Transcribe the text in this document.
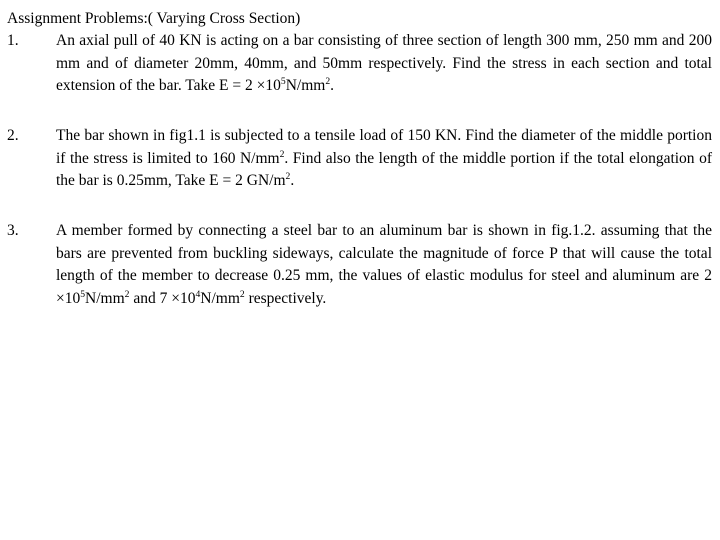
Assignment Problems:( Varying Cross Section)
1. An axial pull of 40 KN is acting on a bar consisting of three section of length 300 mm, 250 mm and 200 mm and of diameter 20mm, 40mm, and 50mm respectively. Find the stress in each section and total extension of the bar. Take $E = 2 \times 10^5N/mm^2$.
2. The bar shown in fig1.1 is subjected to a tensile load of 150 KN. Find the diameter of the middle portion if the stress is limited to 160 $N/mm^2$. Find also the length of the middle portion if the total elongation of the bar is 0.25mm, Take E = 2 $GN/m^2$.
3. A member formed by connecting a steel bar to an aluminum bar is shown in fig.1.2. assuming that the bars are prevented from buckling sideways, calculate the magnitude of force P that will cause the total length of the member to decrease 0.25 mm, the values of elastic modulus for steel and aluminum are $2 \times 10^5N/mm^2$ and $7 \times 10^4N/mm^2$ respectively.
